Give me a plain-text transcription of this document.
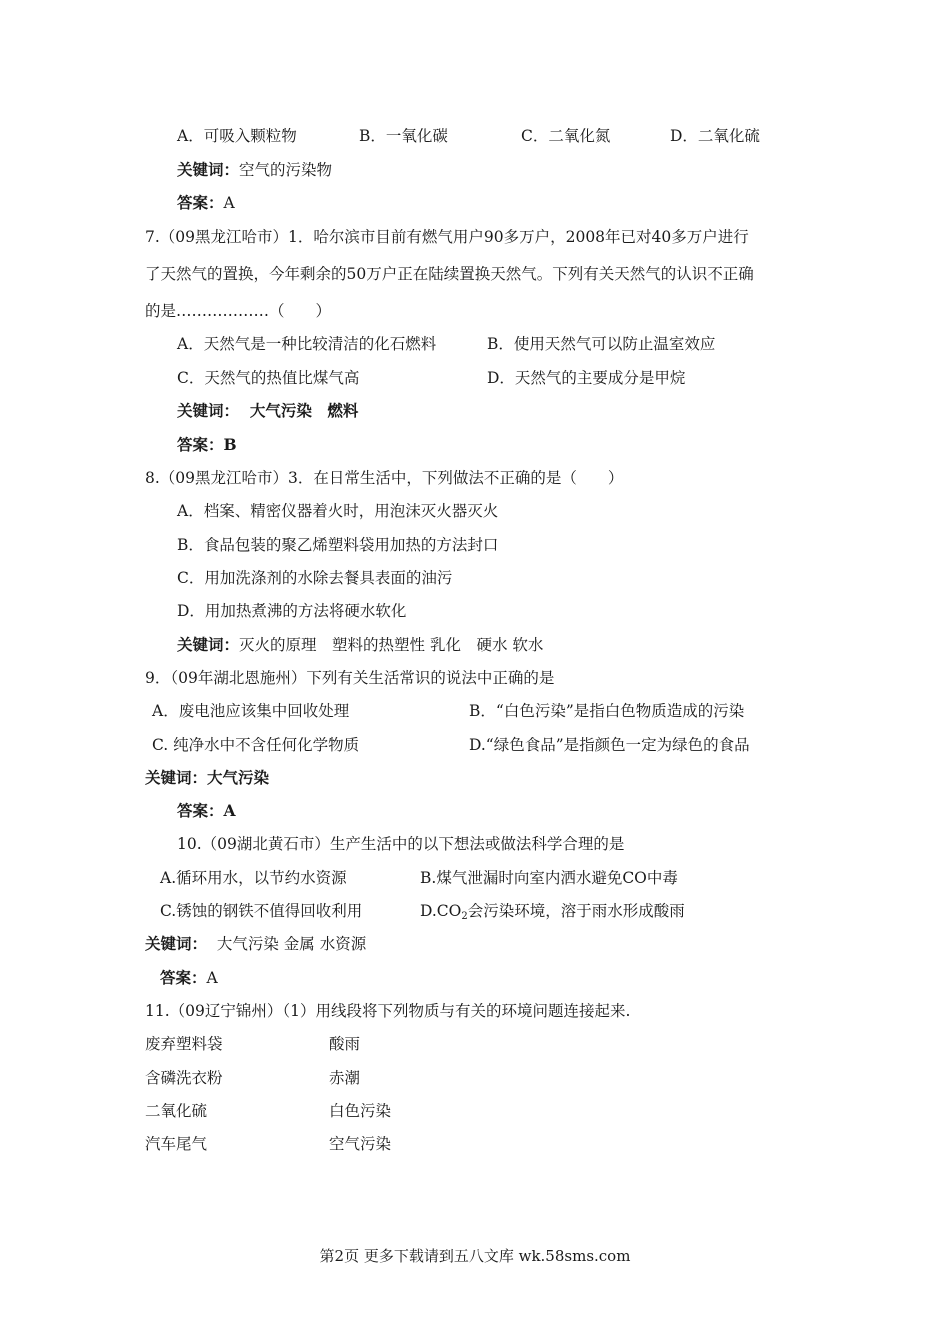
A．可吸入颗粒物	B．一氧化碳	C．二氧化氮	D．二氧化硫
关键词：空气的污染物
答案：A
7.（09黑龙江哈市）1．哈尔滨市目前有燃气用户90多万户，2008年已对40多万户进行
了天然气的置换，今年剩余的50万户正在陆续置换天然气。下列有关天然气的认识不正确
的是………………（　　）
A．天然气是一种比较清洁的化石燃料	B．使用天然气可以防止温室效应
C．天然气的热值比煤气高	D．天然气的主要成分是甲烷
关键词： 大气污染　燃料
答案：B
8.（09黑龙江哈市）3．在日常生活中，下列做法不正确的是（　　）
A．档案、精密仪器着火时，用泡沫灭火器灭火
B．食品包装的聚乙烯塑料袋用加热的方法封口
C．用加洗涤剂的水除去餐具表面的油污
D．用加热煮沸的方法将硬水软化
关键词：灭火的原理　塑料的热塑性 乳化　硬水 软水
9．（09年湖北恩施州）下列有关生活常识的说法中正确的是
A．废电池应该集中回收处理	B．“白色污染”是指白色物质造成的污染
C. 纯净水中不含任何化学物质	D.“绿色食品”是指颜色一定为绿色的食品
关键词：大气污染
答案：A
10.（09湖北黄石市）生产生活中的以下想法或做法科学合理的是
A.循环用水，以节约水资源	B.煤气泄漏时向室内洒水避免CO中毒
C.锈蚀的钢铁不值得回收利用	$D.CO_2$会污染环境，溶于雨水形成酸雨
关键词： 大气污染 金属 水资源
答案：A
11.（09辽宁锦州）（1）用线段将下列物质与有关的环境问题连接起来.
废弃塑料袋	酸雨
含磷洗衣粉	赤潮
二氧化硫	白色污染
汽车尾气	空气污染
第2页 更多下载请到五八文库 wk.58sms.com
